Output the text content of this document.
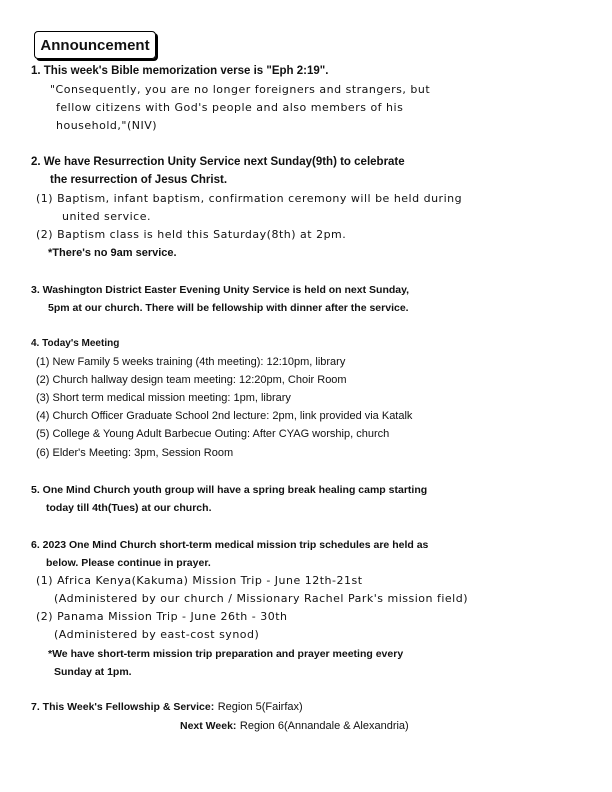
Announcement
1. This week's Bible memorization verse is "Eph 2:19".
"Consequently, you are no longer foreigners and strangers, but
fellow citizens with God's people and also members of his
household,"(NIV)
2. We have Resurrection Unity Service next Sunday(9th) to celebrate
the resurrection of Jesus Christ.
(1) Baptism, infant baptism, confirmation ceremony will be held during
united service.
(2) Baptism class is held this Saturday(8th) at 2pm.
*There's no 9am service.
3. Washington District Easter Evening Unity Service is held on next Sunday,
5pm at our church. There will be fellowship with dinner after the service.
4. Today's Meeting
(1) New Family 5 weeks training (4th meeting): 12:10pm, library
(2) Church hallway design team meeting: 12:20pm, Choir Room
(3) Short term medical mission meeting: 1pm, library
(4) Church Officer Graduate School 2nd lecture: 2pm, link provided via Katalk
(5) College & Young Adult Barbecue Outing: After CYAG worship, church
(6) Elder's Meeting: 3pm, Session Room
5. One Mind Church youth group will have a spring break healing camp starting
today till 4th(Tues) at our church.
6. 2023 One Mind Church short-term medical mission trip schedules are held as
below. Please continue in prayer.
(1) Africa Kenya(Kakuma) Mission Trip - June 12th-21st
(Administered by our church / Missionary Rachel Park's mission field)
(2) Panama Mission Trip - June 26th - 30th
(Administered by east-cost synod)
*We have short-term mission trip preparation and prayer meeting every
Sunday at 1pm.
7. This Week's Fellowship & Service: Region 5(Fairfax)
Next Week: Region 6(Annandale & Alexandria)
